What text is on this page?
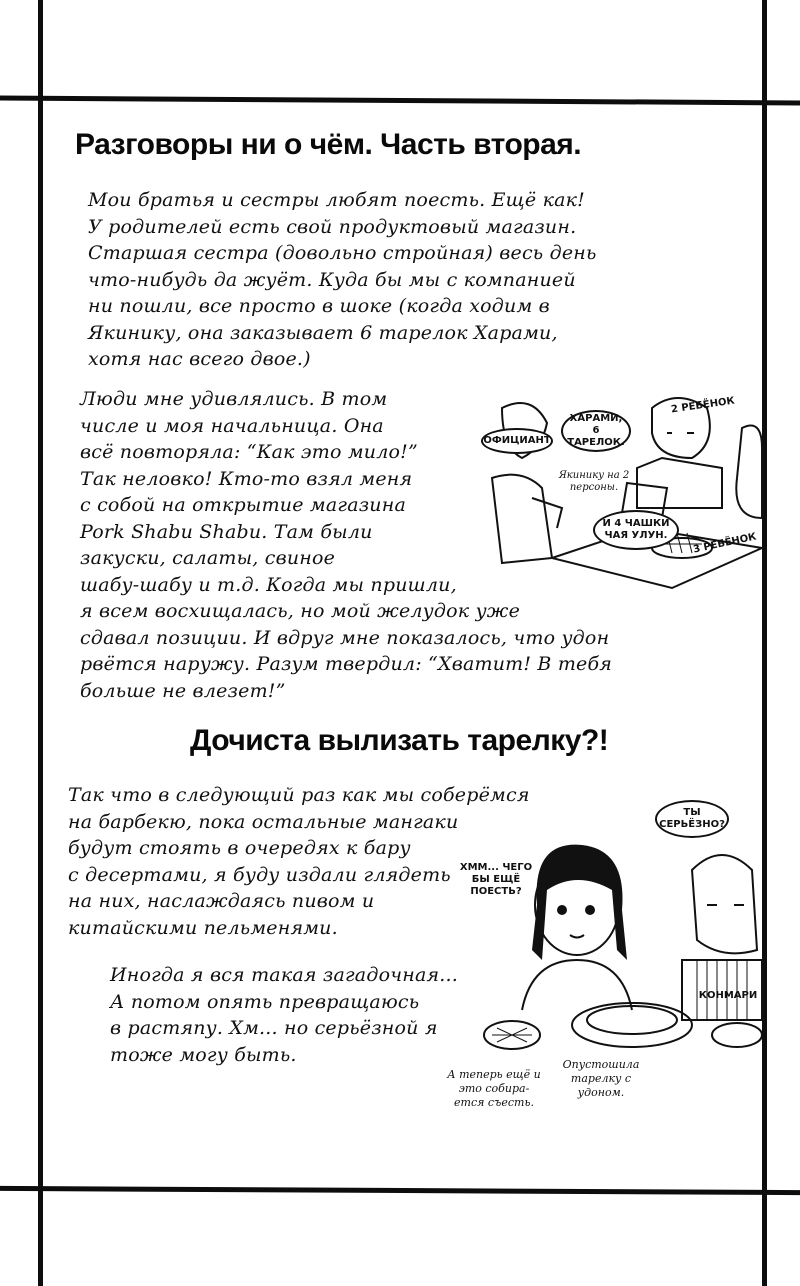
Разговоры ни о чём. Часть вторая.
Мои братья и сестры любят поесть. Ещё как!
У родителей есть свой продуктовый магазин.
Старшая сестра (довольно стройная) весь день
что-нибудь да жуёт. Куда бы мы с компанией
ни пошли, все просто в шоке (когда ходим в
Якинику, она заказывает 6 тарелок Харами,
хотя нас всего двое.)
Люди мне удивлялись. В том
числе и моя начальница. Она
всё повторяла: “Как это мило!”
Так неловко! Кто-то взял меня
с собой на открытие магазина
Pork Shabu Shabu. Там были
закуски, салаты, свиное
шабу-шабу и т.д. Когда мы пришли,
я всем восхищалась, но мой желудок уже
сдавал позиции. И вдруг мне показалось, что удон
рвётся наружу. Разум твердил: “Хватит! В тебя
больше не влезет!”
ОФИЦИАНТ
ХАРАМИ, 6 ТАРЕЛОК.
2 РЕБЁНОК
Якинику на 2 персоны.
И 4 ЧАШКИ ЧАЯ УЛУН.	3 РЕБЁНОК
Дочиста вылизать тарелку?!
Так что в следующий раз как мы соберёмся
на барбекю, пока остальные мангаки
будут стоять в очередях к бару
с десертами, я буду издали глядеть
на них, наслаждаясь пивом и
китайскими пельменями.
Иногда я вся такая загадочная...
А потом опять превращаюсь
в растяпу. Хм... но серьёзной я
тоже могу быть.
ТЫ СЕРЬЁЗНО?
ХММ... ЧЕГО БЫ ЕЩЁ ПОЕСТЬ?
КОНМАРИ
А теперь ещё и это собира- ется съесть.
Опустошила тарелку с удоном.
